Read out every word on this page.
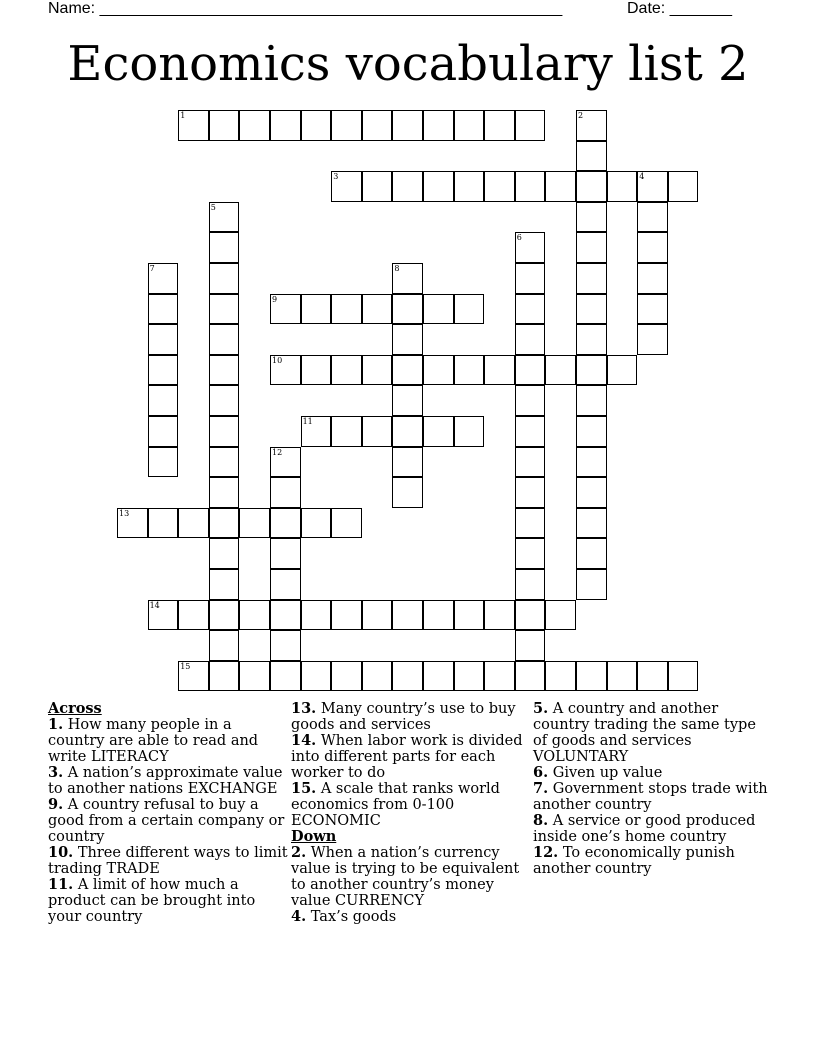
Name: ____________________________________________________	Date: _______
Economics vocabulary list 2
1	2
3	4
5
6
7	8
9
10
11
12
13
14
15
Across

1. How many people in a country are able to read and write LITERACY

3. A nation’s approximate value to another nations EXCHANGE

9. A country refusal to buy a good from a certain company or country

10. Three different ways to limit trading TRADE

11. A limit of how much a product can be brought into your country

13. Many country’s use to buy goods and services

14. When labor work is divided into different parts for each worker to do

15. A scale that ranks world economics from 0-100 ECONOMIC

Down

2. When a nation’s currency value is trying to be equivalent to another country’s money value CURRENCY

4. Tax’s goods

5. A country and another country trading the same type of goods and services VOLUNTARY

6. Given up value

7. Government stops trade with another country

8. A service or good produced inside one’s home country

12. To economically punish another country
